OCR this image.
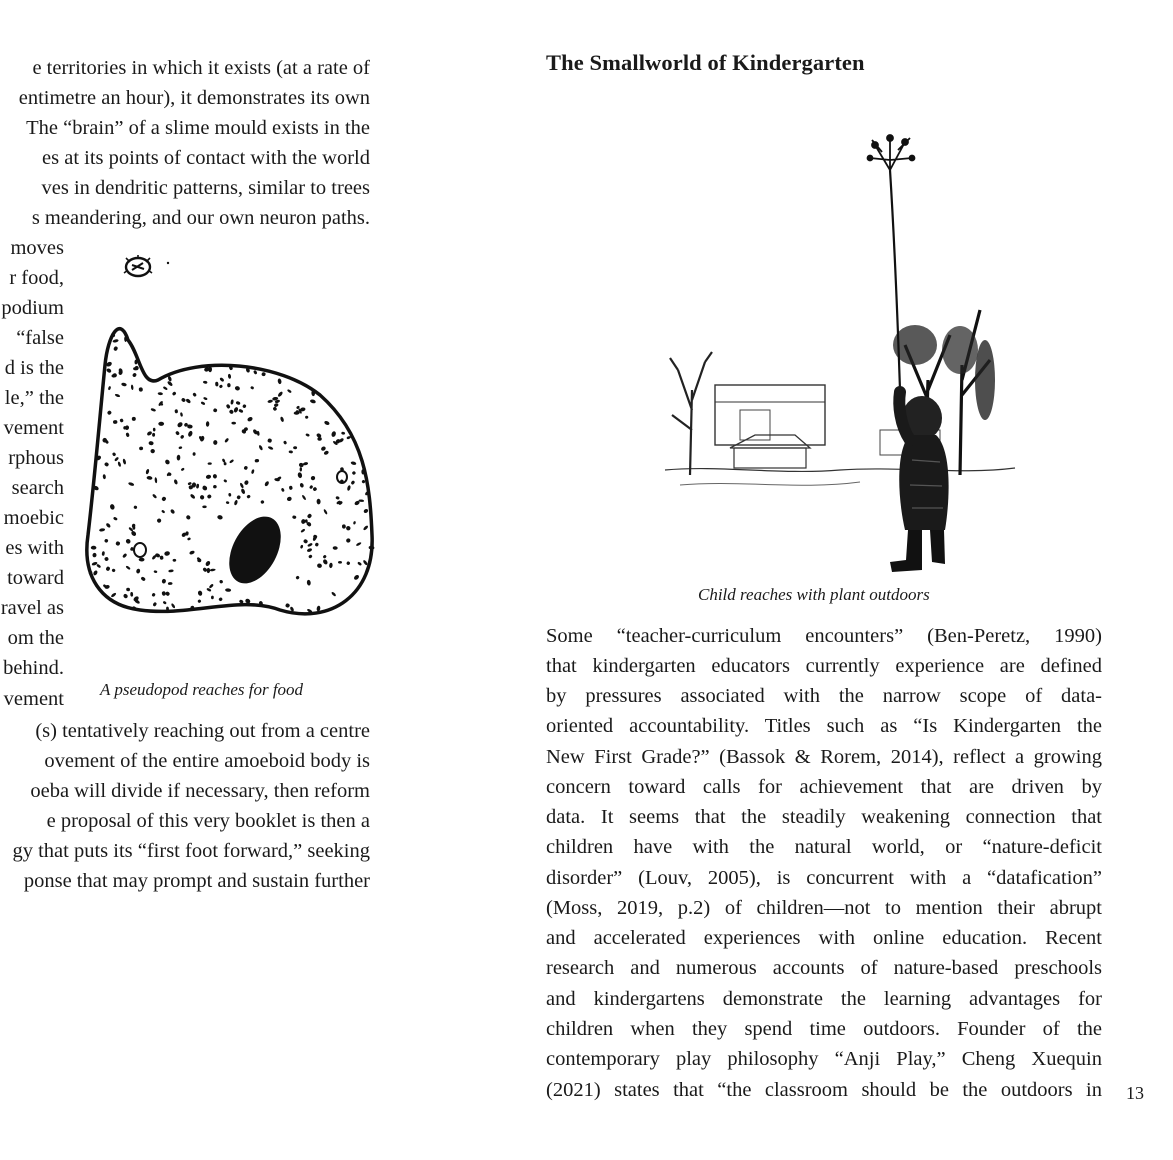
e territories in which it exists (at a rate of
entimetre an hour), it demonstrates its own
The “brain” of a slime mould exists in the
es at its points of contact with the world
ves in dendritic patterns, similar to trees
s meandering, and our own neuron paths.
moves
r food,
podium
“false
d is the
le,” the
vement
rphous
search
moebic
es with
toward
ravel as
om the
behind.
vement A pseudopod reaches for food
(s) tentatively reaching out from a centre
ovement of the entire amoeboid body is
oeba will divide if necessary, then reform
e proposal of this very booklet is then a
gy that puts its “first foot forward,” seeking
ponse that may prompt and sustain further
The Smallworld of Kindergarten
Child reaches with plant outdoors
Some “teacher-curriculum encounters” (Ben-Peretz, 1990)
that kindergarten educators currently experience are defined
by pressures associated with the narrow scope of data-
oriented accountability. Titles such as “Is Kindergarten the
New First Grade?” (Bassok & Rorem, 2014), reflect a growing
concern toward calls for achievement that are driven by
data. It seems that the steadily weakening connection that
children have with the natural world, or “nature-deficit
disorder” (Louv, 2005), is concurrent with a “datafication”
(Moss, 2019, p.2) of children—not to mention their abrupt
and accelerated experiences with online education. Recent
research and numerous accounts of nature-based preschools
and kindergartens demonstrate the learning advantages for
children when they spend time outdoors. Founder of the
contemporary play philosophy “Anji Play,” Cheng Xuequin
(2021) states that “the classroom should be the outdoors in 13
